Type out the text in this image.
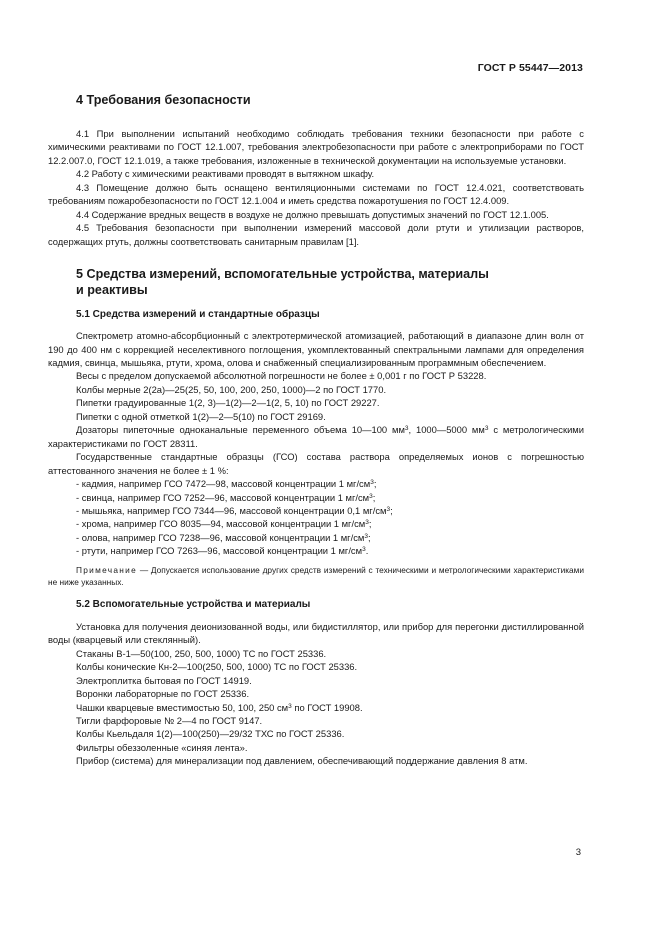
ГОСТ Р 55447—2013
4 Требования безопасности

4.1 При выполнении испытаний необходимо соблюдать требования техники безопасности при работе с химическими реактивами по ГОСТ 12.1.007, требования электробезопасности при работе с электроприборами по ГОСТ 12.2.007.0, ГОСТ 12.1.019, а также требования, изложенные в технической документации на используемые установки.

4.2 Работу с химическими реактивами проводят в вытяжном шкафу.

4.3 Помещение должно быть оснащено вентиляционными системами по ГОСТ 12.4.021, соответствовать требованиям пожаробезопасности по ГОСТ 12.1.004 и иметь средства пожаротушения по ГОСТ 12.4.009.

4.4 Содержание вредных веществ в воздухе не должно превышать допустимых значений по ГОСТ 12.1.005.

4.5 Требования безопасности при выполнении измерений массовой доли ртути и утилизации растворов, содержащих ртуть, должны соответствовать санитарным правилам [1].

5 Средства измерений, вспомогательные устройства, материалы
и реактивы
5.1 Средства измерений и стандартные образцы

Спектрометр атомно-абсорбционный с электротермической атомизацией, работающий в диапазоне длин волн от 190 до 400 нм с коррекцией неселективного поглощения, укомплектованный спектральными лампами для определения кадмия, свинца, мышьяка, ртути, хрома, олова и снабженный специализированным программным обеспечением.

Весы с пределом допускаемой абсолютной погрешности не более ± 0,001 г по ГОСТ Р 53228.

Колбы мерные 2(2а)—25(25, 50, 100, 200, 250, 1000)—2 по ГОСТ 1770.

Пипетки градуированные 1(2, 3)—1(2)—2—1(2, 5, 10) по ГОСТ 29227.

Пипетки с одной отметкой 1(2)—2—5(10) по ГОСТ 29169.

Дозаторы пипеточные одноканальные переменного объема 10—100 $мм^3$, 1000—5000 $мм^3$ с метрологическими характеристиками по ГОСТ 28311.

Государственные стандартные образцы (ГСО) состава раствора определяемых ионов с погрешностью аттестованного значения не более ± 1 %:

- кадмия, например ГСО 7472—98, массовой концентрации 1 $мг/см^3$;

- свинца, например ГСО 7252—96, массовой концентрации 1 $мг/см^3$;

- мышьяка, например ГСО 7344—96, массовой концентрации 0,1 $мг/см^3$;

- хрома, например ГСО 8035—94, массовой концентрации 1 $мг/см^3$;

- олова, например ГСО 7238—96, массовой концентрации 1 $мг/см^3$;

- ртути, например ГСО 7263—96, массовой концентрации 1 $мг/см^3$.

Примечание — Допускается использование других средств измерений с техническими и метрологическими характеристиками не ниже указанных.

5.2 Вспомогательные устройства и материалы

Установка для получения деионизованной воды, или бидистиллятор, или прибор для перегонки дистиллированной воды (кварцевый или стеклянный).

Стаканы В-1—50(100, 250, 500, 1000) ТС по ГОСТ 25336.

Колбы конические Кн-2—100(250, 500, 1000) ТС по ГОСТ 25336.

Электроплитка бытовая по ГОСТ 14919.

Воронки лабораторные по ГОСТ 25336.

Чашки кварцевые вместимостью 50, 100, 250 $см^3$ по ГОСТ 19908.

Тигли фарфоровые № 2—4 по ГОСТ 9147.

Колбы Кьельдаля 1(2)—100(250)—29/32 ТХС по ГОСТ 25336.

Фильтры обеззоленные «синяя лента».

Прибор (система) для минерализации под давлением, обеспечивающий поддержание давления 8 атм.

3
